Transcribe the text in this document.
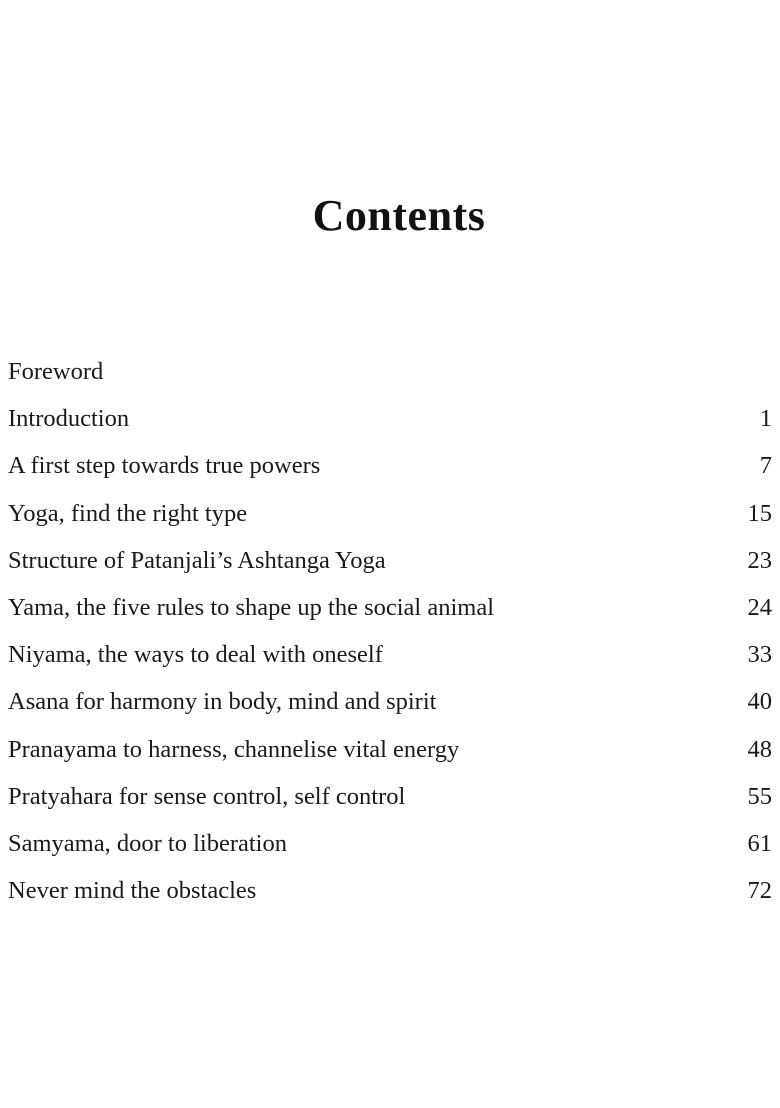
Contents
Foreword
Introduction	1
A first step towards true powers	7
Yoga, find the right type	15
Structure of Patanjali’s Ashtanga Yoga	23
Yama, the five rules to shape up the social animal	24
Niyama, the ways to deal with oneself	33
Asana for harmony in body, mind and spirit	40
Pranayama to harness, channelise vital energy	48
Pratyahara for sense control, self control	55
Samyama, door to liberation	61
Never mind the obstacles	72
